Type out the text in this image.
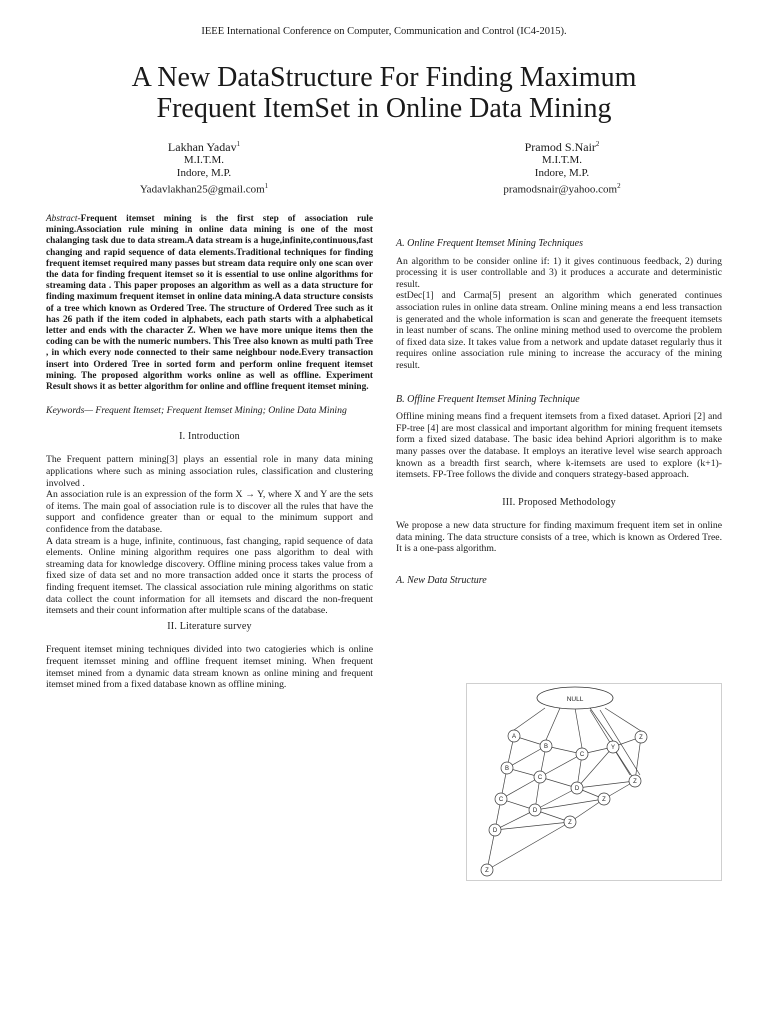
IEEE International Conference on Computer, Communication and Control (IC4-2015).
A New DataStructure For Finding Maximum
Frequent ItemSet in Online Data Mining
Lakhan Yadav$^1$
M.I.T.M.
Indore, M.P.
Yadavlakhan25@gmail.com$^1$
Pramod S.Nair$^2$
M.I.T.M.
Indore, M.P.
pramodsnair@yahoo.com$^2$

Abstract-Frequent itemset mining is the first step of association rule mining.Association rule mining in online data mining is one of the most chalanging task due to data stream.A data stream is a huge,infinite,continuous,fast changing and rapid sequence of data elements.Traditional techniques for finding frequent itemset required many passes but stream data require only one scan over the data for finding frequent itemset so it is essential to use online algorithms for streaming data . This paper proposes an algorithm as well as a data structure for finding maximum frequent itemset in online data mining.A data structure consists of a tree which known as Ordered Tree. The structure of Ordered Tree such as it has 26 path if the item coded in alphabets, each path starts with a alphabetical letter and ends with the character Z. When we have more unique items then the coding can be with the numeric numbers. This Tree also known as multi path Tree , in which every node connected to their same neighbour node.Every transaction insert into Ordered Tree in sorted form and perform online frequent itemset mining. The proposed algorithm works online as well as offline. Experiment Result shows it as better algorithm for online and offline frequent itemset mining.

Keywords— Frequent Itemset; Frequent Itemset Mining; Online Data Mining

I. Introduction

The Frequent pattern mining[3] plays an essential role in many data mining applications where such as mining association rules, classification and clustering involved .

An association rule is an expression of the form X → Y, where X and Y are the sets of items. The main goal of association rule is to discover all the rules that have the support and confidence greater than or equal to the minimum support and confidence from the database.

A data stream is a huge, infinite, continuous, fast changing, rapid sequence of data elements. Online mining algorithm requires one pass algorithm to deal with streaming data for knowledge discovery. Offline mining process takes value from a fixed size of data set and no more transaction added once it starts the process of finding frequent itemset. The classical association rule mining algorithms on static data collect the count information for all itemsets and discard the non-frequent itemsets and their count information after multiple scans of the database.

II. Literature survey

Frequent itemset mining techniques divided into two catogieries which is online frequent itemsset mining and offline frequent itemset mining. When frequent itemset mined from a dynamic data stream known as online mining and frequent itemset mined from a fixed database known as offline mining.

A. Online Frequent Itemset Mining Techniques

An algorithm to be consider online if: 1) it gives continuous feedback, 2) during processing it is user controllable and 3) it produces a accurate and deterministic result.

estDec[1] and Carma[5] present an algorithm which generated continues association rules in online data stream. Online mining means a end less transaction is generated and the whole information is scan and generate the freequent itemsets in least number of scans. The online mining method used to overcome the problem of fixed data size. It takes value from a network and update dataset regularly thus it requires online association rule mining to increase the accuracy of the mining result.

B. Offline Frequent Itemset Mining Technique

Offline mining means find a frequent itemsets from a fixed dataset. Apriori [2] and FP-tree [4] are most classical and important algorithm for mining frequent itemsets form a fixed sized database. The basic idea behind Apriori algorithm is to make many passes over the database. It employs an iterative level wise search approach known as a breadth first search, where k-itemsets are used to explore (k+1)-itemsets. FP-Tree follows the divide and conquers strategy-based approach.

III. Proposed Methodology

We propose a new data structure for finding maximum frequent item set in online data mining. The data structure consists of a tree, which is known as Ordered Tree. It is a one-pass algorithm.

A. New Data Structure
NULL
A
B
C
Y
Z
B
C
D
Z
C
D
Z
D
Z
Z
